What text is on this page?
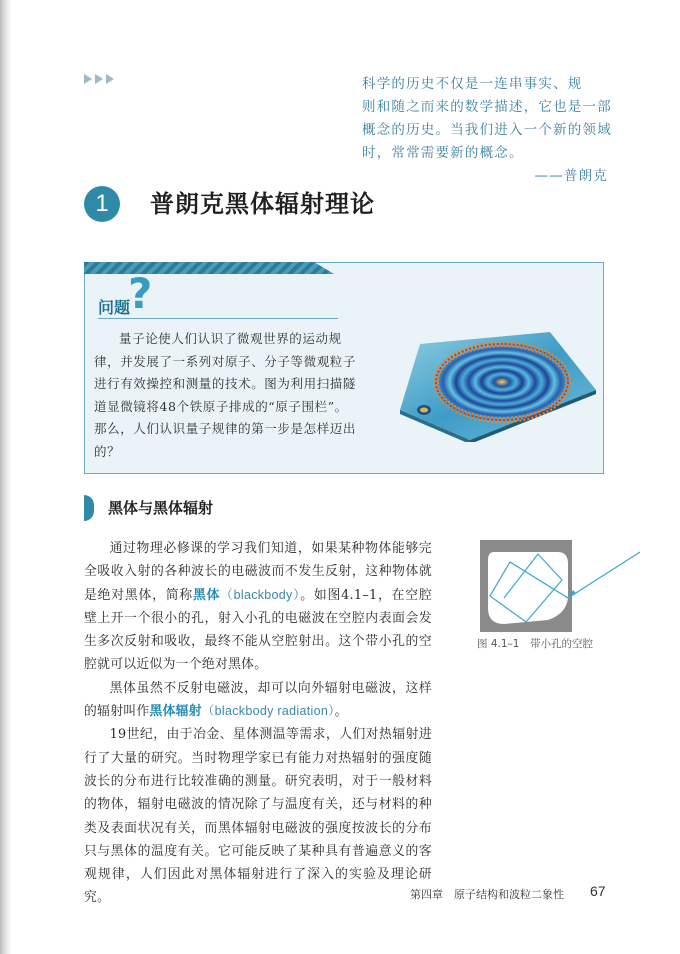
科学的历史不仅是一连串事实、规

则和随之而来的数学描述，它也是一部

概念的历史。当我们进入一个新的领域

时，常常需要新的概念。

——普朗克

1	普朗克黑体辐射理论
问题
?

量子论使人们认识了微观世界的运动规律，并发展了一系列对原子、分子等微观粒子进行有效操控和测量的技术。图为利用扫描隧道显微镜将48个铁原子排成的“原子围栏”。那么，人们认识量子规律的第一步是怎样迈出的？

黑体与黑体辐射

通过物理必修课的学习我们知道，如果某种物体能够完全吸收入射的各种波长的电磁波而不发生反射，这种物体就是绝对黑体，简称黑体（blackbody）。如图4.1–1，在空腔壁上开一个很小的孔，射入小孔的电磁波在空腔内表面会发生多次反射和吸收，最终不能从空腔射出。这个带小孔的空腔就可以近似为一个绝对黑体。

黑体虽然不反射电磁波，却可以向外辐射电磁波，这样的辐射叫作黑体辐射（blackbody radiation）。

19世纪，由于冶金、星体测温等需求，人们对热辐射进行了大量的研究。当时物理学家已有能力对热辐射的强度随波长的分布进行比较准确的测量。研究表明，对于一般材料的物体，辐射电磁波的情况除了与温度有关，还与材料的种类及表面状况有关，而黑体辐射电磁波的强度按波长的分布只与黑体的温度有关。它可能反映了某种具有普遍意义的客观规律，人们因此对黑体辐射进行了深入的实验及理论研究。

图 4.1–1　带小孔的空腔
第四章　原子结构和波粒二象性 67
